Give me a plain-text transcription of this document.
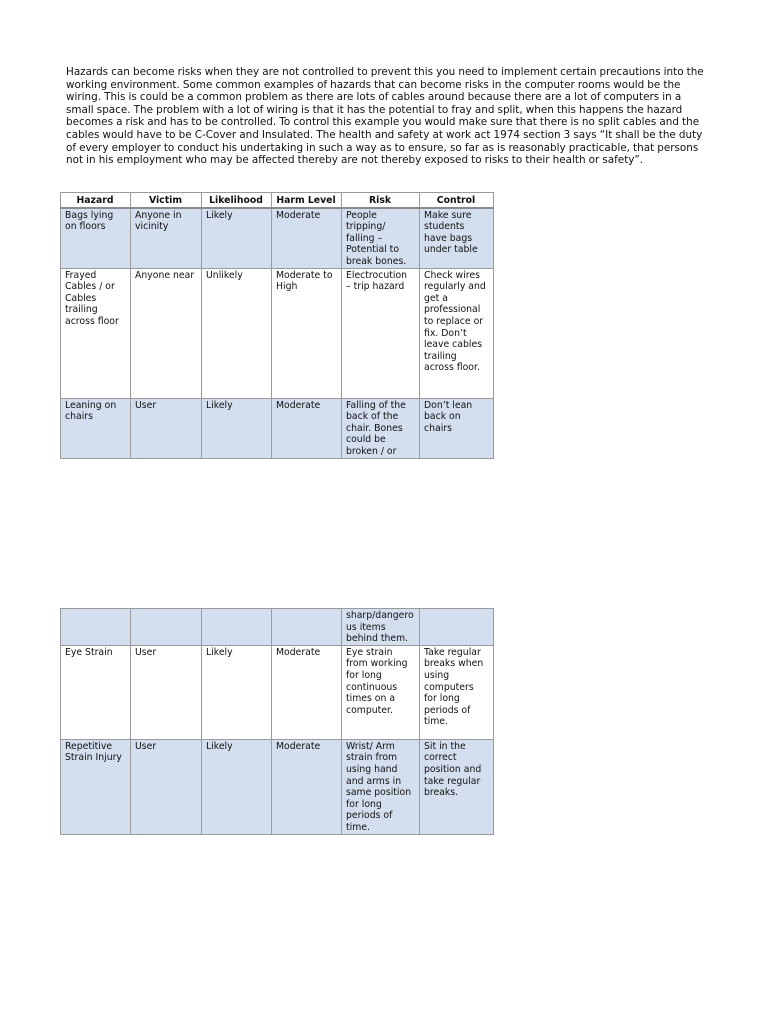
Hazards can become risks when they are not controlled to prevent this you need to implement certain precautions into the working environment. Some common examples of hazards that can become risks in the computer rooms would be the wiring. This is could be a common problem as there are lots of cables around because there are a lot of computers in a small space. The problem with a lot of wiring is that it has the potential to fray and split, when this happens the hazard becomes a risk and has to be controlled. To control this example you would make sure that there is no split cables and the cables would have to be C-Cover and Insulated. The health and safety at work act 1974 section 3 says “It shall be the duty of every employer to conduct his undertaking in such a way as to ensure, so far as is reasonably practicable, that persons not in his employment who may be affected thereby are not thereby exposed to risks to their health or safety”.

Hazard	Victim	Likelihood	Harm Level	Risk	Control
Bags lying on floors	Anyone in vicinity	Likely	Moderate	People tripping/ falling – Potential to break bones.	Make sure students have bags under table
Frayed Cables / or Cables trailing across floor	Anyone near	Unlikely	Moderate to High	Electrocution – trip hazard	Check wires regularly and get a professional to replace or fix. Don’t leave cables trailing across floor.
Leaning on chairs	User	Likely	Moderate	Falling of the back of the chair. Bones could be broken / or	Don’t lean back on chairs
				sharp/dangerous items behind them.	
Eye Strain	User	Likely	Moderate	Eye strain from working for long continuous times on a computer.	Take regular breaks when using computers for long periods of time.
Repetitive Strain Injury	User	Likely	Moderate	Wrist/ Arm strain from using hand and arms in same position for long periods of time.	Sit in the correct position and take regular breaks.
